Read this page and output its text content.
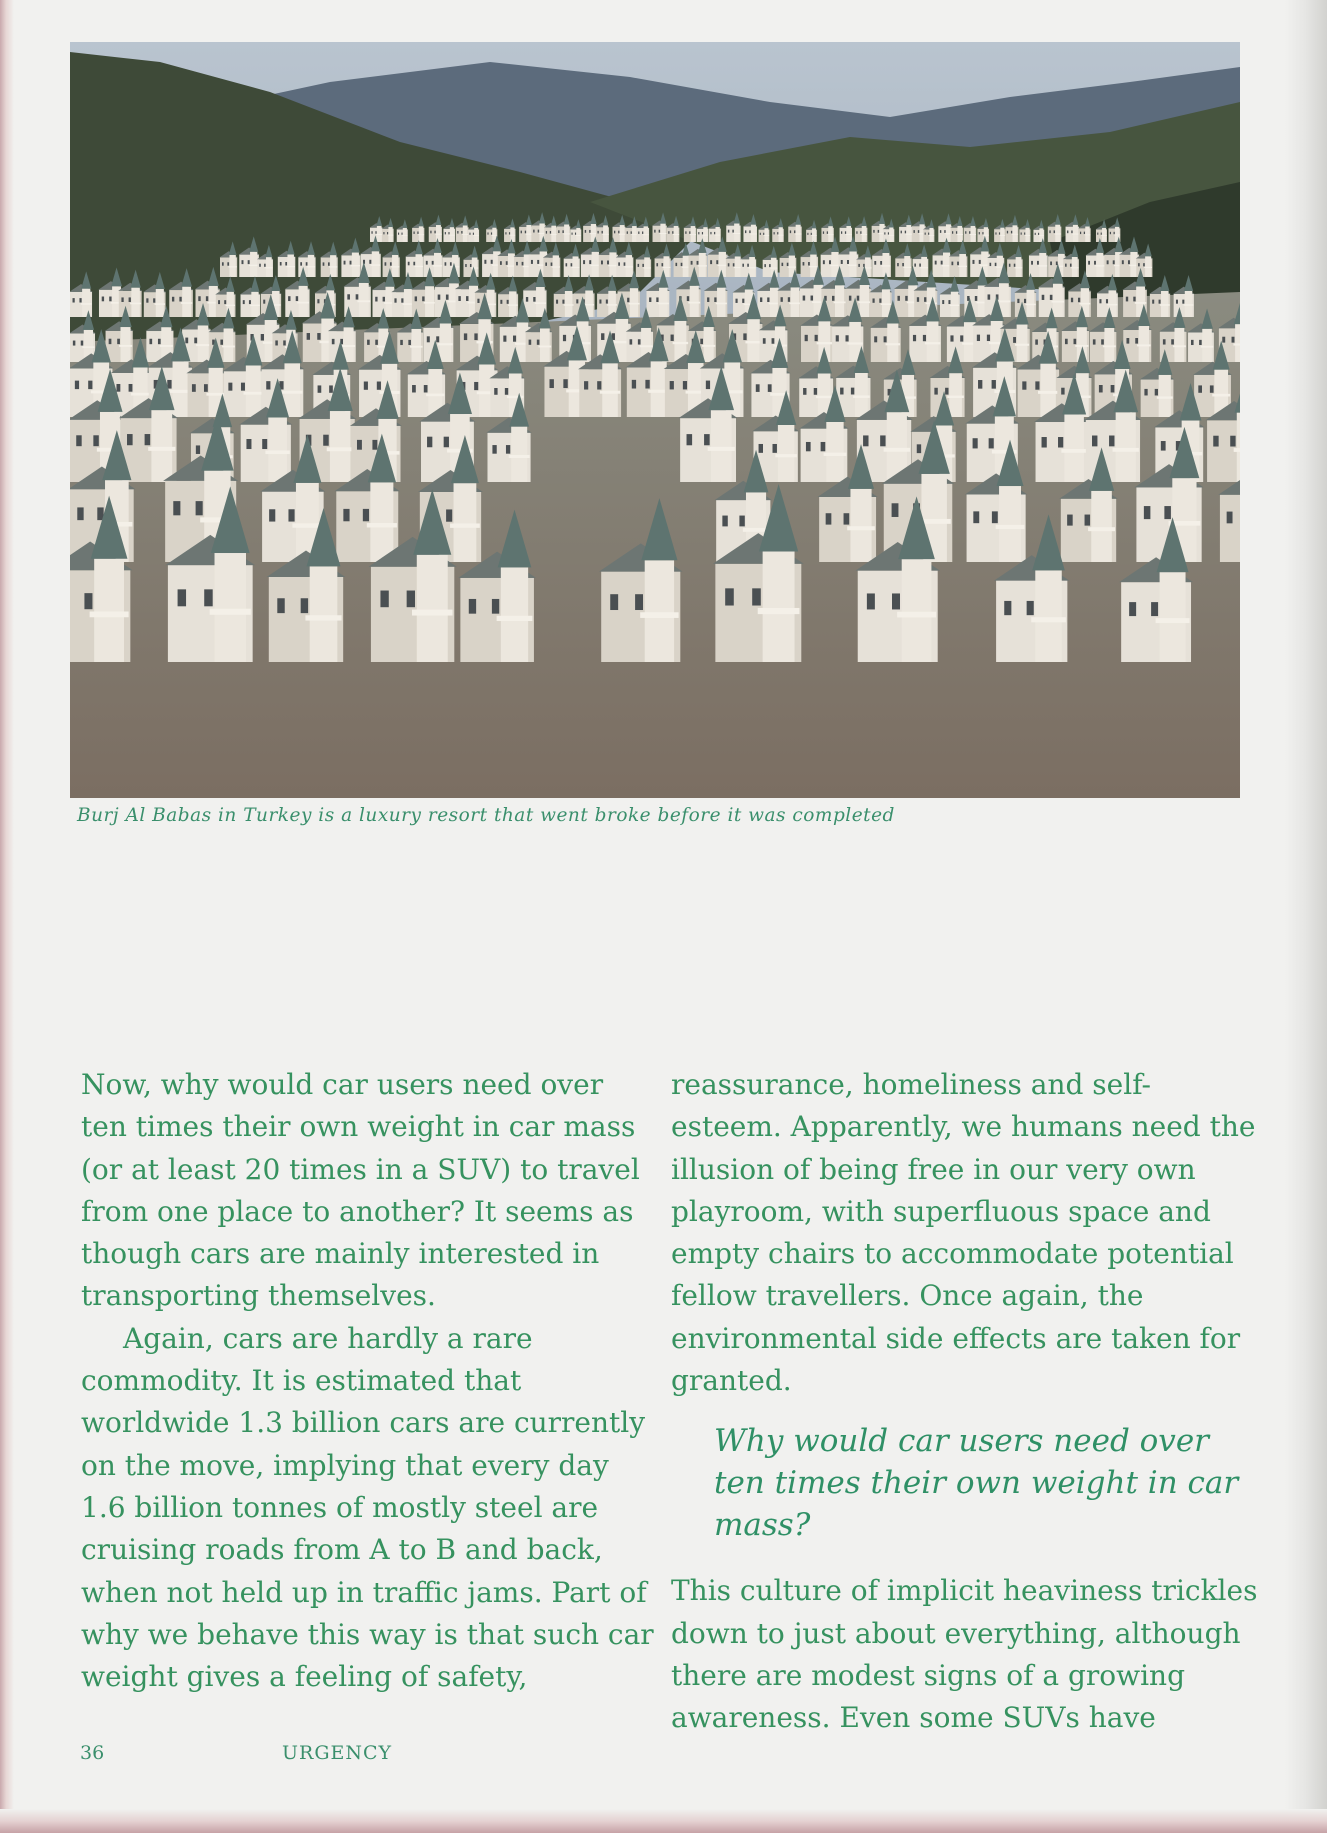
Burj Al Babas in Turkey is a luxury resort that went broke before it was completed

Now, why would car users need over ten times their own weight in car mass (or at least 20 times in a SUV) to travel from one place to another? It seems as though cars are mainly interested in transporting themselves.

Again, cars are hardly a rare commodity. It is estimated that worldwide 1.3 billion cars are currently on the move, implying that every day 1.6 billion tonnes of mostly steel are cruising roads from A to B and back, when not held up in traffic jams. Part of why we behave this way is that such car weight gives a feeling of safety,

reassurance, homeliness and self-esteem. Apparently, we humans need the illusion of being free in our very own playroom, with superfluous space and empty chairs to accommodate potential fellow travellers. Once again, the environmental side effects are taken for granted.

Why would car users need over ten times their own weight in car mass?

This culture of implicit heaviness trickles down to just about everything, although there are modest signs of a growing awareness. Even some SUVs have

36	URGENCY
